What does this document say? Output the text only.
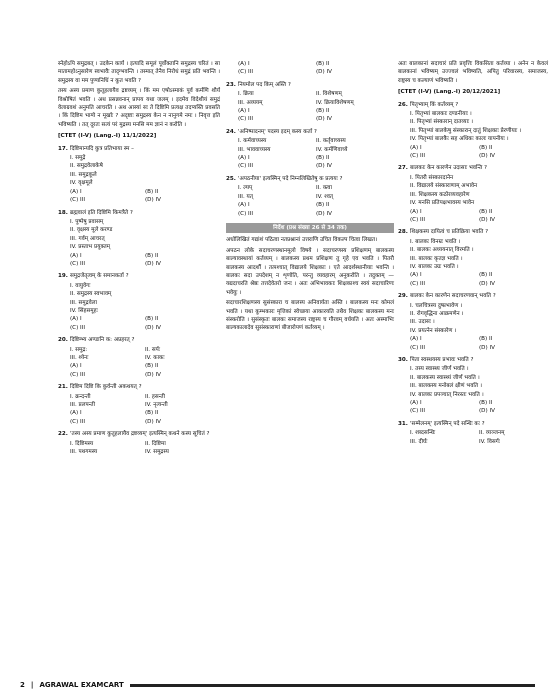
स्नेहोऽपि समुद्रबत् । उदकेन कार्यं । इत्यादि समूलं पूर्वोक्तानि समुद्रस्य चरितं । सा मातामहोऽनुसारेण स्वभावैः तादृग्भवन्ति । तस्मात् तेनैव निरोधं समुद्रं प्रति भवन्ति । समुद्रस्य वा मम पुण्यनिधिं न कुत भवति ?

तस्य अस्य प्रमाण कुतूहलायैव द्रष्टव्यम् । किं मम एषोऽस्माकं पूर्व कर्मणि शौर्यं विश्रोषितं भवति । अथ प्रसन्नवनान् प्रापय यथा जलम् । इदमेव विदेशीयं समुद्रं वेलाग्रवशं अनुमति आचरति । अथ आस्यां सः ते दिष्टिमि प्रत्यक्ष तदप्यस्ति प्रवसति । किं दिष्टिम भाग्ये न मूर्खाः ? अदृष्टाः समुद्रस्य केन न नानुगमे नमः । निवृत्त इति भविष्यति । तत् दूरतः सत्यं परं मुद्रस्य मनसि मम ज्ञानं न करोति ।

[CTET (I-V) (Lang.-I) 11/1/2022]
17. दिष्टिमान्यदि कुत्र प्रतिभाया स्म –
I. समुद्रे
II. समुद्रवेलाकेषे
III. समुद्रकूले
IV. वृक्षमूले
(A) I	(B) II
(C) III	(D) IV
18. ब्रह्मवालं इति दिष्टिमि किमत्रैते ?
I. पुष्पेषु प्रवासम्
II. वृक्षस्य मूले करण्ड
III. गर्वम् आचरत्
IV. प्रस्ताभ प्रयुक्तम्
(A) I	(B) II
(C) III	(D) IV
19. समुद्रजेतृत्वम् के समानकर्ता ?
I. वायुवेगः
II. समुद्रस्य स्वभावम्
III. समुद्रवेला
IV. सिंहसमूहः
(A) I	(B) II
(C) III	(D) IV
20. दिष्टिम्भ्य अण्डानि क: अप्रहरत् ?
I. समुद्र:	II. सर्पः
III. श्येनः	IV. काकः
(A) I	(B) II
(C) III	(D) IV
21. दिष्टिम दिष्टि कि कुर्वन्ती अकथयत् ?
I. क्रन्दन्ती	II. हसन्ती
III. प्रलपन्ती	IV. नृत्यन्ती
(A) I	(B) II
(C) III	(D) IV
22. 'तस्य अस्य प्रमाण कुतूहलायैव द्रष्टव्यम्' इत्यस्मिन् कथने कस्य सूचितं ?
I. दिष्टिमस्य	II. दिष्टिमा
III. पथगमस्य	IV. समुद्रस्य
(A) I	(B) II
(C) III	(D) IV
23. नियमोल पद किम् अस्ति ?
I. क्रिया	II. विशेषणम्
III. अव्ययम्	IV. क्रियाविशेषणम्
(A) I	(B) II
(C) III	(D) IV
24. 'अनिष्पादनम्' पदस्य इदम् कस्य कर्ता ?
I. कर्मवाच्यस्य	II. कर्तृवाच्यस्य
III. भाववाच्यस्य	IV. कर्मणिवाच्ये
(A) I	(B) II
(C) III	(D) IV
25. 'अपठनीया' इत्यस्मिन् पदे निम्नलिखितेषु क प्रत्ययः ?
I. ल्यप्	II. क्त्वा
III. यत्	IV. श्वत्
(A) I	(B) II
(C) III	(D) IV
निर्देश (प्रश्न संख्या 26 से 34 तक)

अधोलिखितं गद्यांशं पठित्वा नतप्रश्नानां उत्तराणि उचित विकल्प चित्वा लिखत।

अपठन लोके सदाचरणस्थानमूलो विषये । सदाचरणस्य प्रशिक्षणम् बालकस्य बाल्यावस्थायां कर्तव्यम् । बालकस्य प्रथम प्रशिक्षण तु गृहे एव भवति । पितरौ बालकस्य आदर्शौ । तत्पश्चात् विद्यालये शिक्षकाः । एते आदर्शस्थानीयाः भवन्ति । बालकः सदा उपदेशम् न शृणोति, परन्तु व्यवहारम् अनुकरोति । तदुक्तम् — यद्यदाचरति श्रेष्ठः तत्तदेवेतरो जनः । अतः अभिभावकाः शिक्षकाश्च स्वयं सदाचारिणः भवेयुः ।

सदाचारशिक्षणस्य सुसंस्कारा च बालस्य अनिवार्यता अस्ति । बालकस्य मनः कोमलं भवति । यथा कुम्भकारः मृत्तिकां स्वेच्छया आकारयति तथैव शिक्षकः बालकस्य मनः संस्करोति । सुसंस्कृतः बालकः समाजस्य राष्ट्रस्य च गौरवम् वर्धयति । अतः अस्माभिः बाल्यकालादेव सुसंस्काराणां बीजारोपणं कर्तव्यम् ।

अतः बालकानां सदाचारं प्रति प्रवृत्तिः विकसिता कर्तव्या । अनेन न केवलं बालकानां भविष्यम् उज्ज्वलं भविष्यति, अपितु परिवारस्य, समाजस्य, राष्ट्रस्य च कल्याणं भविष्यति ।

[CTET (I-V) (Lang.-I) 20/12/2021]
26. पितृभ्याम् किं कर्तव्यम् ?
I. पितृभ्यां बालकाः दण्डनीयाः ।
II. पितृभ्यां संस्कारान् दातव्याः ।
III. पितृभ्यां बालकेषु संस्कारान् दातुं शिक्षकाः प्रेरणीयाः ।
IV. पितृभ्यां बालकैः सह अधिकः कालः यापनीयः ।
(A) I	(B) II
(C) III	(D) IV
27. बालकाः केन कारणेन उदासाः भवन्ति ?
I. पितरौ संस्कारदानेन
II. विद्यालये संस्काराणाम् अभावेन
III. शिक्षकस्य कठोरव्यवहारेण
IV. मनसि प्रतिपक्षभावस्य भावेन
(A) I	(B) II
(C) III	(D) IV
28. शिक्षकस्य दायित्वं च प्रतिक्रिया भवति ?
I. बालकः विनम्रः भवति ।
II. बालकः अध्ययनात् विरमति ।
III. बालकः कृतज्ञ भवति ।
IV. बालकः उग्रः भवति ।
(A) I	(B) II
(C) III	(D) IV
29. बालकः केन कारणेन सदाचरणवान् भवति ?
I. चलचित्रस्य दुष्प्रभावेण ।
II. रोगवृद्धिना आक्रमणेन ।
III. उदासः ।
IV. प्रयत्नेन संस्कारेण ।
(A) I	(B) II
(C) III	(D) IV
30. पिता स्वस्थयस्य प्रभावः भवति ?
I. तस्य स्वास्थ्य जीर्णं भवति ।
II. बालकस्य स्वास्थ्यं जीर्णं भवति ।
III. बालकस्य मनोबलं क्षीणं भवति ।
IV. बालकः प्रपञ्चात् निरस्तः भवति ।
(A) I	(B) II
(C) III	(D) IV
31. 'सम्मेलनम्' इत्यस्मिन् पदे सन्धिः कः ?
I. शब्दसन्धिः	II. व्यञ्जनम्
III. दीर्घः	IV. विसर्गः
2 | AGRAWAL EXAMCART
